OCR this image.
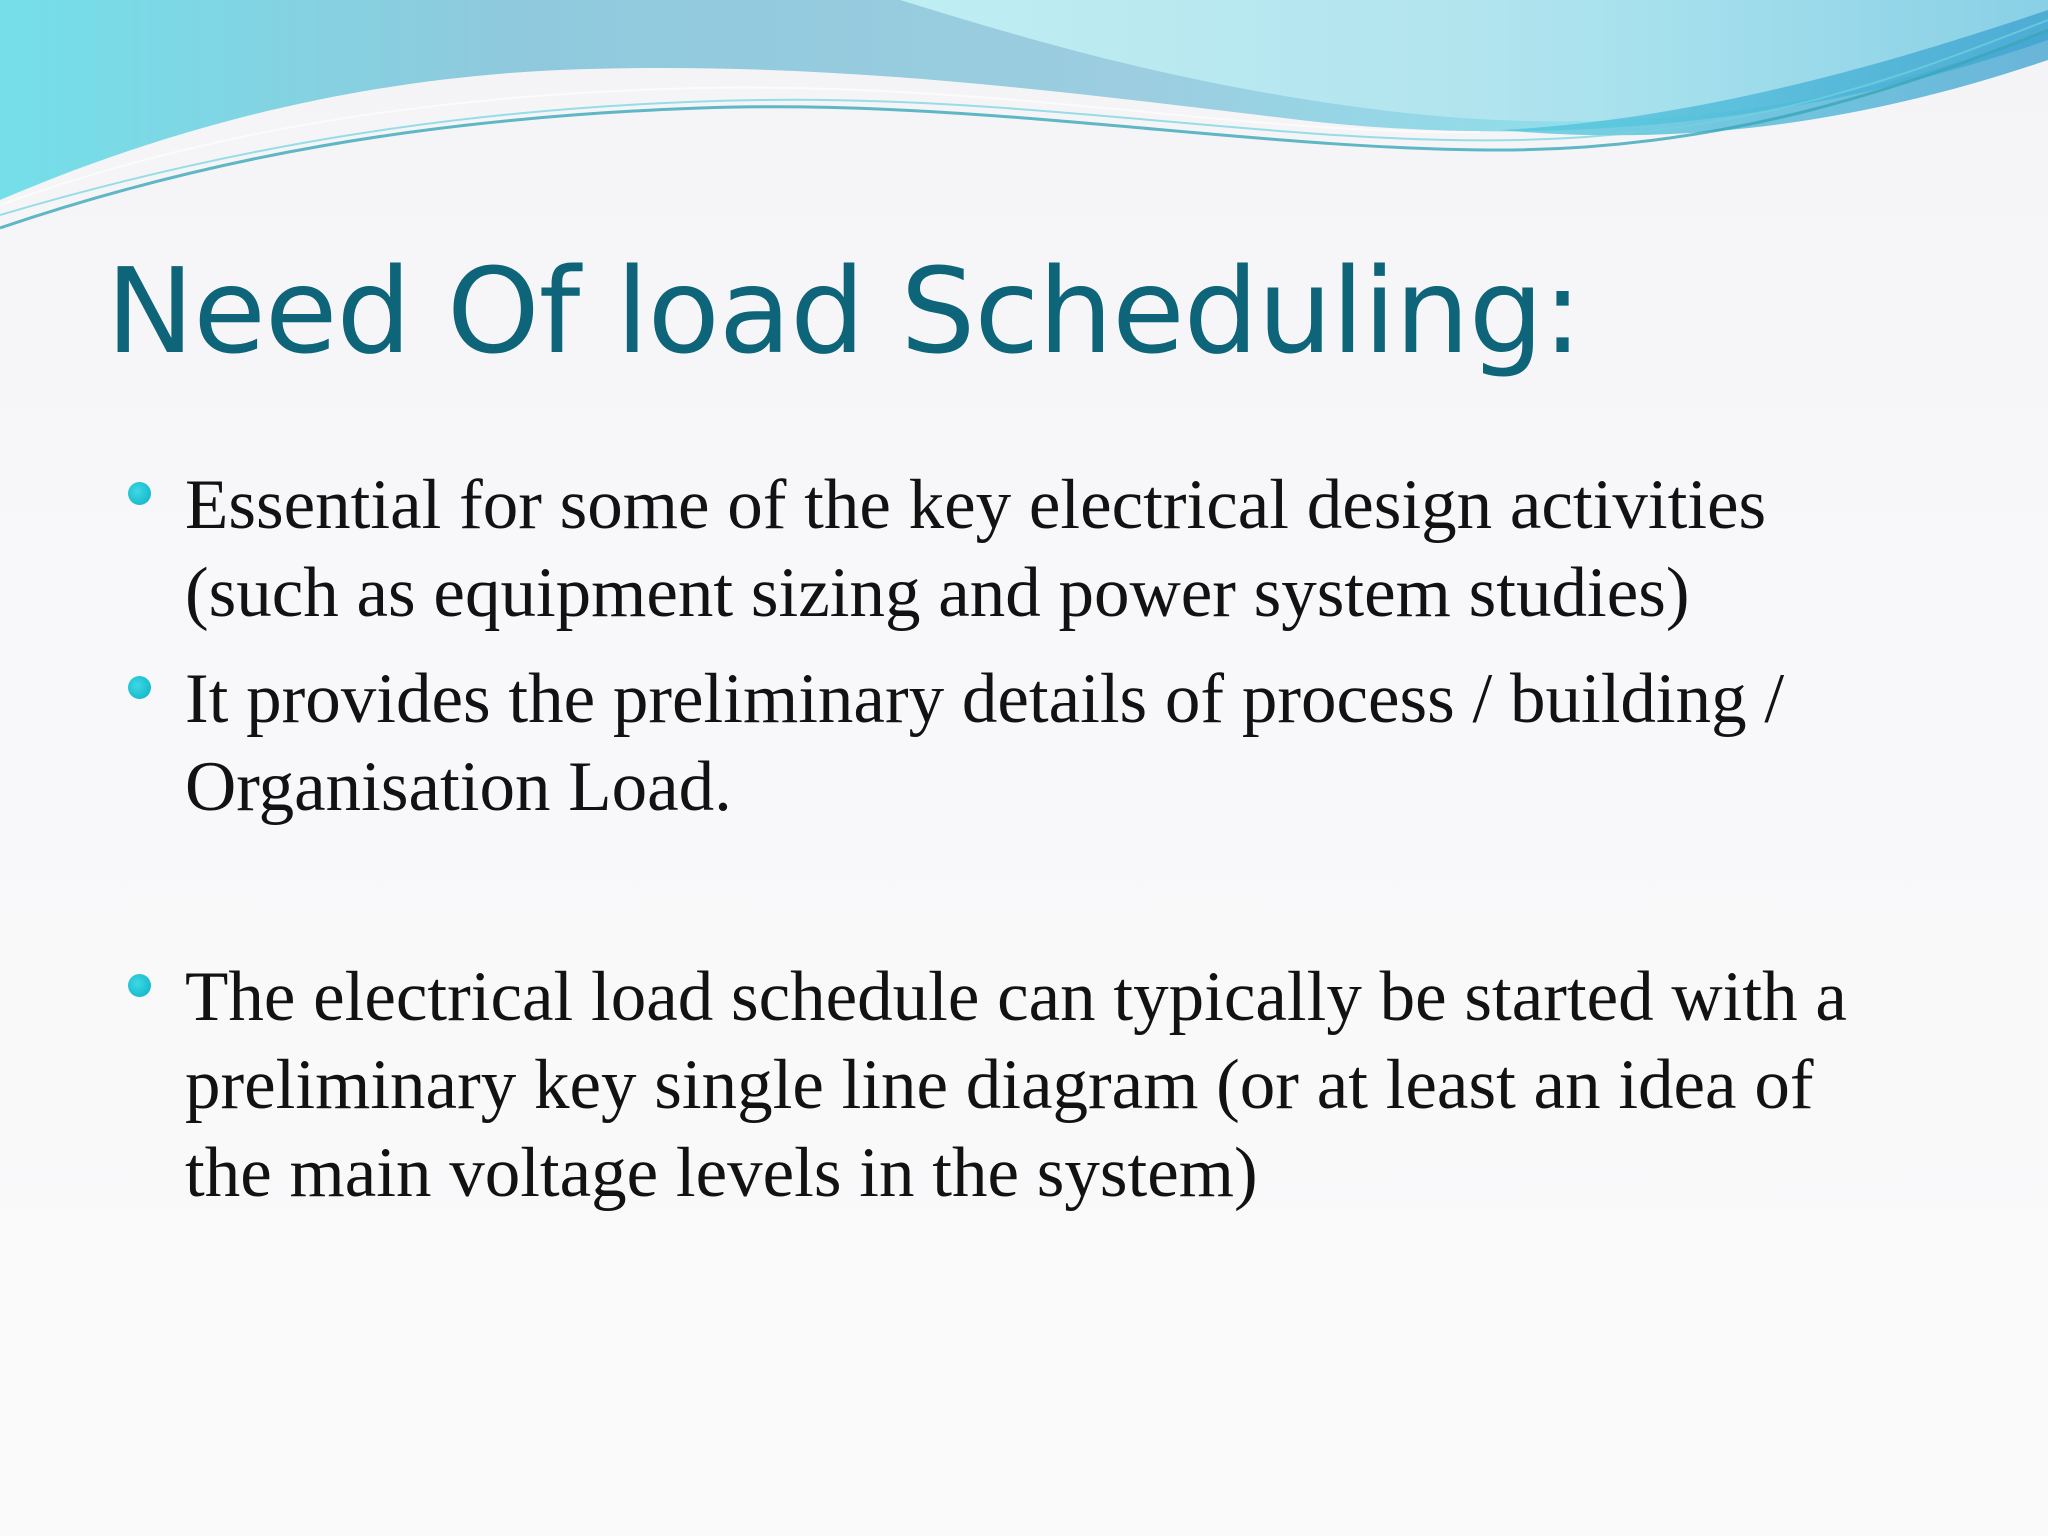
Need Of load Scheduling:
Essential for some of the key electrical design activities
(such as equipment sizing and power system studies)
It provides the preliminary details of process / building /
Organisation Load.
The electrical load schedule can typically be started with a
preliminary key single line diagram (or at least an idea of
the main voltage levels in the system)
